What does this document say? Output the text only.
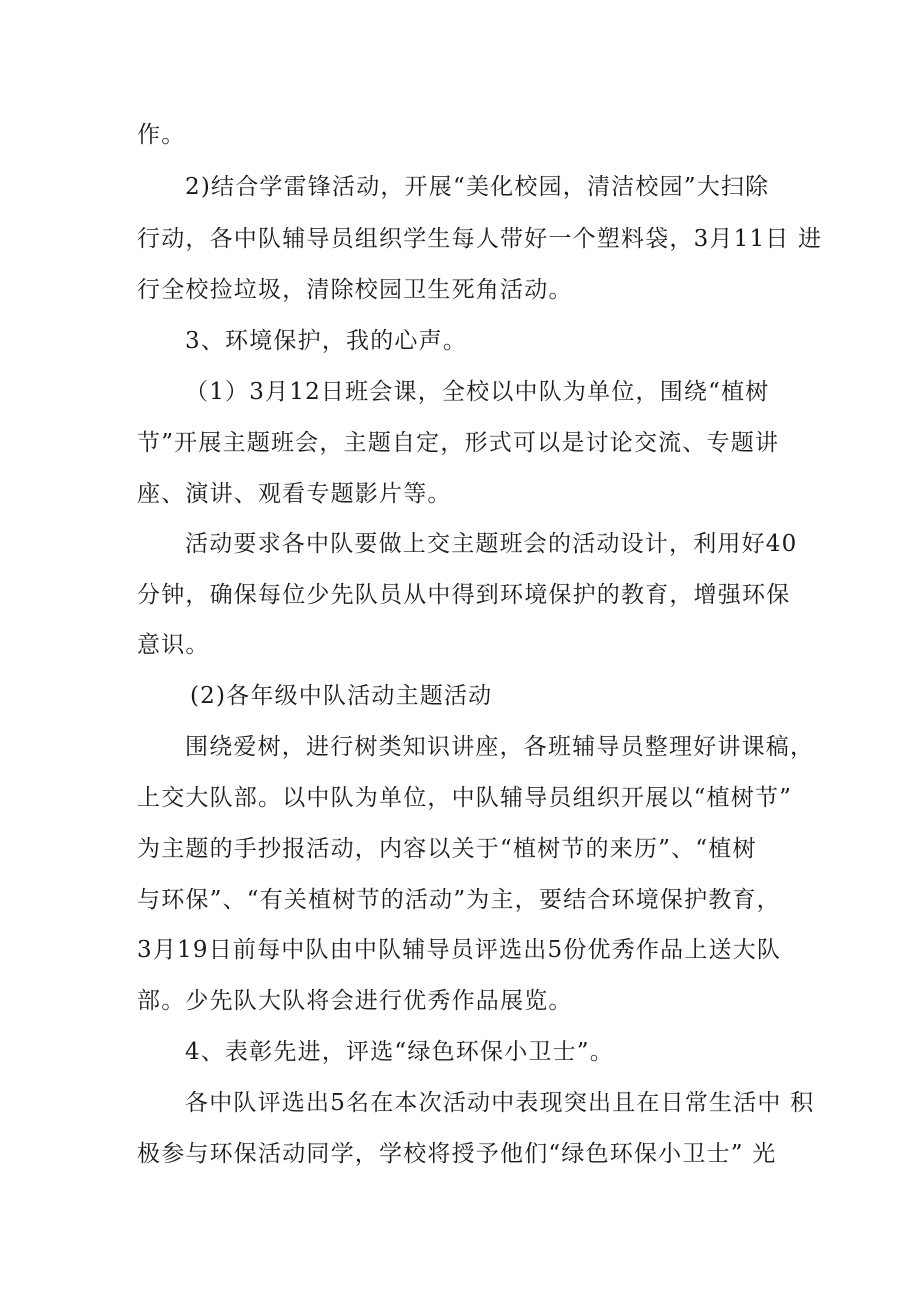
作。
2)结合学雷锋活动，开展“美化校园，清洁校园”大扫除
行动，各中队辅导员组织学生每人带好一个塑料袋，3月11日 进
行全校捡垃圾，清除校园卫生死角活动。
3、环境保护，我的心声。
（1）3月12日班会课，全校以中队为单位，围绕“植树
节”开展主题班会，主题自定，形式可以是讨论交流、专题讲
座、演讲、观看专题影片等。
活动要求各中队要做上交主题班会的活动设计，利用好40
分钟，确保每位少先队员从中得到环境保护的教育，增强环保
意识。
(2)各年级中队活动主题活动
围绕爱树，进行树类知识讲座，各班辅导员整理好讲课稿，
上交大队部。以中队为单位，中队辅导员组织开展以“植树节”
为主题的手抄报活动，内容以关于“植树节的来历”、“植树
与环保”、“有关植树节的活动”为主，要结合环境保护教育，
3月19日前每中队由中队辅导员评选出5份优秀作品上送大队
部。少先队大队将会进行优秀作品展览。
4、表彰先进，评选“绿色环保小卫士”。
各中队评选出5名在本次活动中表现突出且在日常生活中 积
极参与环保活动同学，学校将授予他们“绿色环保小卫士” 光
